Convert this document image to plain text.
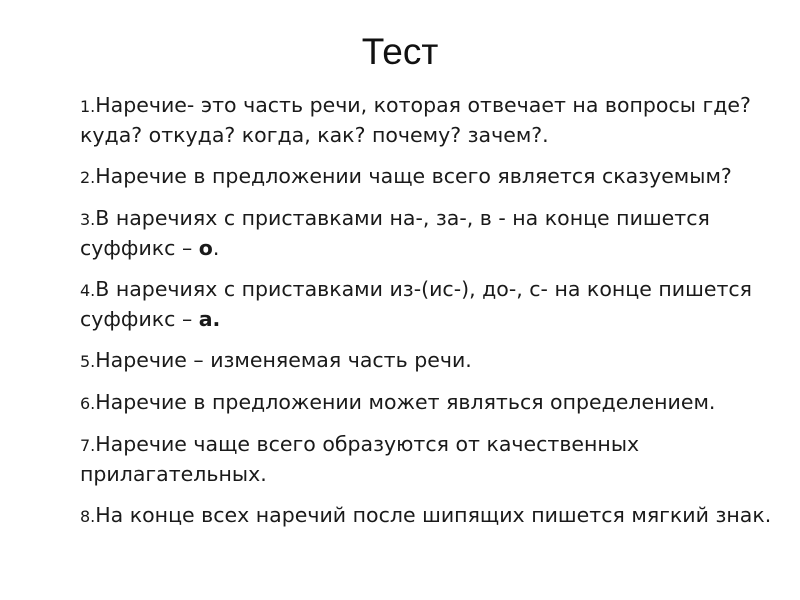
Тест
1.Наречие- это часть речи, которая отвечает на вопросы где? куда? откуда? когда, как? почему? зачем?.
2.Наречие в предложении чаще всего является сказуемым?
3.В наречиях с приставками на-, за-, в - на конце пишется суффикс – о.
4.В наречиях с приставками из-(ис-), до-, с- на конце пишется суффикс – а.
5.Наречие – изменяемая часть речи.
6.Наречие в предложении может являться определением.
7.Наречие чаще всего образуются от качественных прилагательных.
8.На конце всех наречий после шипящих пишется мягкий знак.
